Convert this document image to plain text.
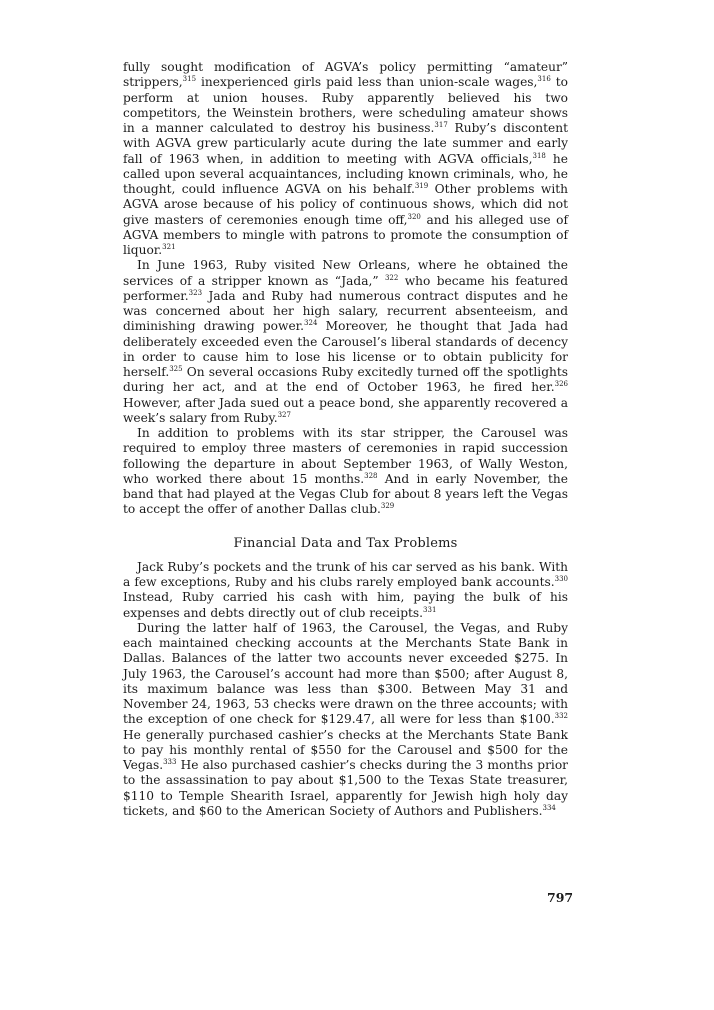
fully sought modification of AGVA’s policy permitting “amateur” strippers,$^{315}$ inexperienced girls paid less than union-scale wages,$^{316}$ to perform at union houses. Ruby apparently believed his two competitors, the Weinstein brothers, were scheduling amateur shows in a manner calculated to destroy his business.$^{317}$ Ruby’s discontent with AGVA grew particularly acute during the late summer and early fall of 1963 when, in addition to meeting with AGVA officials,$^{318}$ he called upon several acquaintances, including known criminals, who, he thought, could influence AGVA on his behalf.$^{319}$ Other problems with AGVA arose because of his policy of continuous shows, which did not give masters of ceremonies enough time off,$^{320}$ and his alleged use of AGVA members to mingle with patrons to promote the consumption of liquor.$^{321}$

In June 1963, Ruby visited New Orleans, where he obtained the services of a stripper known as “Jada,” $^{322}$ who became his featured performer.$^{323}$ Jada and Ruby had numerous contract disputes and he was concerned about her high salary, recurrent absenteeism, and diminishing drawing power.$^{324}$ Moreover, he thought that Jada had deliberately exceeded even the Carousel’s liberal standards of decency in order to cause him to lose his license or to obtain publicity for herself.$^{325}$ On several occasions Ruby excitedly turned off the spotlights during her act, and at the end of October 1963, he fired her.$^{326}$ However, after Jada sued out a peace bond, she apparently recovered a week’s salary from Ruby.$^{327}$

In addition to problems with its star stripper, the Carousel was required to employ three masters of ceremonies in rapid succession following the departure in about September 1963, of Wally Weston, who worked there about 15 months.$^{328}$ And in early November, the band that had played at the Vegas Club for about 8 years left the Vegas to accept the offer of another Dallas club.$^{329}$

Financial Data and Tax Problems

Jack Ruby’s pockets and the trunk of his car served as his bank. With a few exceptions, Ruby and his clubs rarely employed bank accounts.$^{330}$ Instead, Ruby carried his cash with him, paying the bulk of his expenses and debts directly out of club receipts.$^{331}$

During the latter half of 1963, the Carousel, the Vegas, and Ruby each maintained checking accounts at the Merchants State Bank in Dallas. Balances of the latter two accounts never exceeded $275. In July 1963, the Carousel’s account had more than $500; after August 8, its maximum balance was less than $300. Between May 31 and November 24, 1963, 53 checks were drawn on the three accounts; with the exception of one check for $129.47, all were for less than $100.$^{332}$ He generally purchased cashier’s checks at the Merchants State Bank to pay his monthly rental of $550 for the Carousel and $500 for the Vegas.$^{333}$ He also purchased cashier’s checks during the 3 months prior to the assassination to pay about $1,500 to the Texas State treasurer, $110 to Temple Shearith Israel, apparently for Jewish high holy day tickets, and $60 to the American Society of Authors and Publishers.$^{334}$

797
